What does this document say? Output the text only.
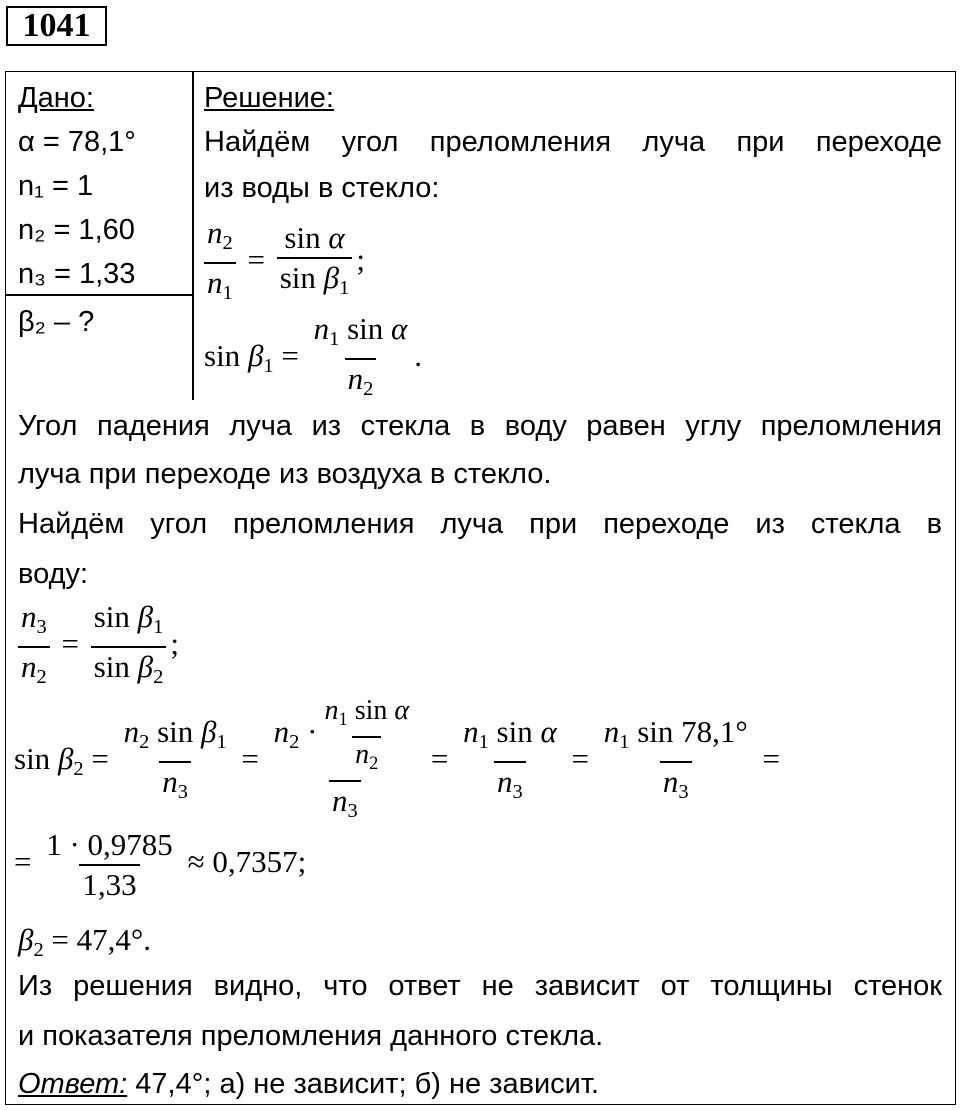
1041
Дано:
α = 78,1°
n₁ = 1
n₂ = 1,60
n₃ = 1,33
β₂ – ?
Решение:
Найдём угол преломления луча при переходе
из воды в стекло:
$\frac{n_2}{n_1} = \frac{\text{sin α}}{\sin \beta_1}$ ;
$\sin \beta_1 = \frac{n_1 \sin \alpha}{n_2}$ .
Угол падения луча из стекла в воду равен углу преломления
луча при переходе из воздуха в стекло.
Найдём угол преломления луча при переходе из стекла в
воду:
$\frac{n_3}{n_2} = \frac{\sin \beta_1}{\sin \beta_2}$ ;
$\sin \beta_2 = \frac{n_2 \sin \beta_1}{n_3} = n_2$ ·
$n_1$ sin α
$n_2$
$n_3 = \frac{n_1 \sin \alpha}{n_3} = \frac{n_1 \sin 78,1^\circ}{n_3}$ =
= $\frac{1 \cdot 0,9785}{1,33} \approx 0,7357$;
$\beta_2 = 47,4^\circ$.
Из решения видно, что ответ не зависит от толщины стенок
и показателя преломления данного стекла.
Ответ: 47,4°; а) не зависит; б) не зависит.
